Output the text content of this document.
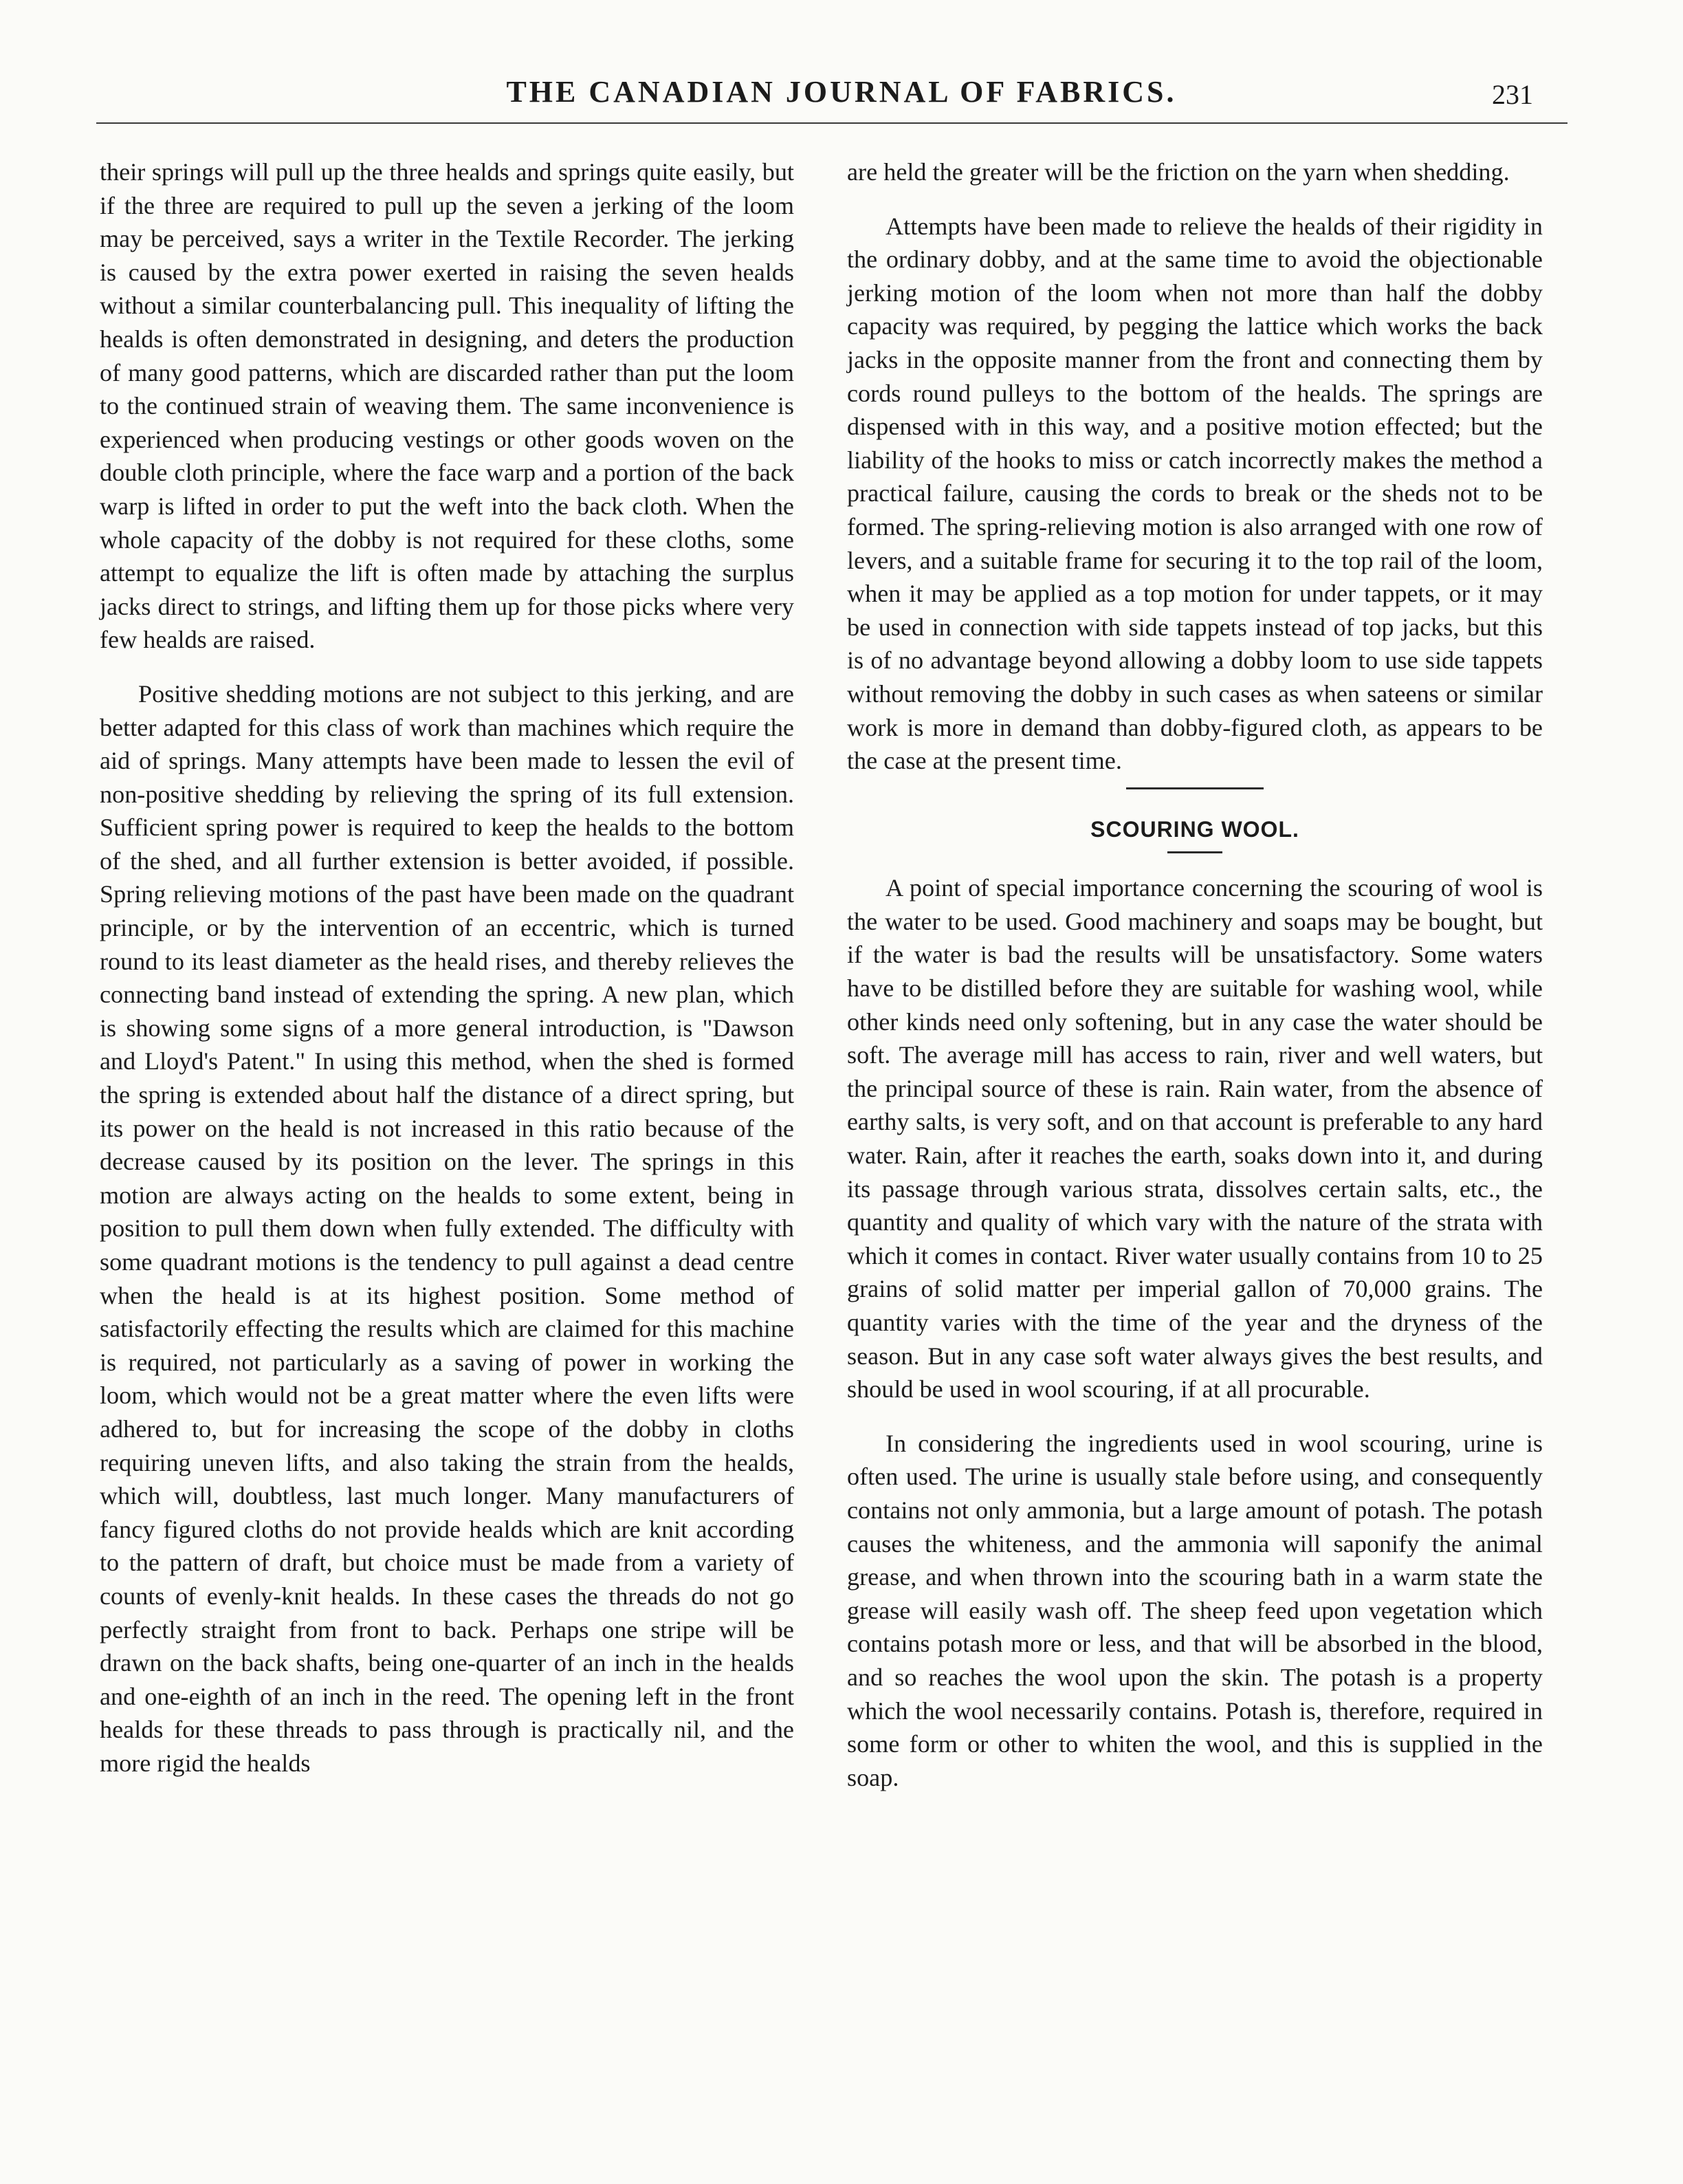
THE CANADIAN JOURNAL OF FABRICS.	231

their springs will pull up the three healds and springs quite easily, but if the three are required to pull up the seven a jerking of the loom may be perceived, says a writer in the Textile Recorder. The jerking is caused by the extra power exerted in raising the seven healds without a similar counterbalancing pull. This inequality of lifting the healds is often demonstrated in designing, and deters the production of many good patterns, which are discarded rather than put the loom to the continued strain of weaving them. The same inconvenience is experienced when producing vestings or other goods woven on the double cloth principle, where the face warp and a portion of the back warp is lifted in order to put the weft into the back cloth. When the whole capacity of the dobby is not required for these cloths, some attempt to equalize the lift is often made by attaching the surplus jacks direct to strings, and lifting them up for those picks where very few healds are raised.

Positive shedding motions are not subject to this jerking, and are better adapted for this class of work than machines which require the aid of springs. Many attempts have been made to lessen the evil of non-positive shedding by relieving the spring of its full extension. Sufficient spring power is required to keep the healds to the bottom of the shed, and all further extension is better avoided, if possible. Spring relieving motions of the past have been made on the quadrant principle, or by the intervention of an eccentric, which is turned round to its least diameter as the heald rises, and thereby relieves the connecting band instead of extending the spring. A new plan, which is showing some signs of a more general introduction, is "Dawson and Lloyd's Patent." In using this method, when the shed is formed the spring is extended about half the distance of a direct spring, but its power on the heald is not increased in this ratio because of the decrease caused by its position on the lever. The springs in this motion are always acting on the healds to some extent, being in position to pull them down when fully extended. The difficulty with some quadrant motions is the tendency to pull against a dead centre when the heald is at its highest position. Some method of satisfactorily effecting the results which are claimed for this machine is required, not particularly as a saving of power in working the loom, which would not be a great matter where the even lifts were adhered to, but for increasing the scope of the dobby in cloths requiring uneven lifts, and also taking the strain from the healds, which will, doubtless, last much longer. Many manufacturers of fancy figured cloths do not provide healds which are knit according to the pattern of draft, but choice must be made from a variety of counts of evenly-knit healds. In these cases the threads do not go perfectly straight from front to back. Perhaps one stripe will be drawn on the back shafts, being one-quarter of an inch in the healds and one-eighth of an inch in the reed. The opening left in the front healds for these threads to pass through is practically nil, and the more rigid the healds

are held the greater will be the friction on the yarn when shedding.

Attempts have been made to relieve the healds of their rigidity in the ordinary dobby, and at the same time to avoid the objectionable jerking motion of the loom when not more than half the dobby capacity was required, by pegging the lattice which works the back jacks in the opposite manner from the front and connecting them by cords round pulleys to the bottom of the healds. The springs are dispensed with in this way, and a positive motion effected; but the liability of the hooks to miss or catch incorrectly makes the method a practical failure, causing the cords to break or the sheds not to be formed. The spring-relieving motion is also arranged with one row of levers, and a suitable frame for securing it to the top rail of the loom, when it may be applied as a top motion for under tappets, or it may be used in connection with side tappets instead of top jacks, but this is of no advantage beyond allowing a dobby loom to use side tappets without removing the dobby in such cases as when sateens or similar work is more in demand than dobby-figured cloth, as appears to be the case at the present time.

SCOURING WOOL.

A point of special importance concerning the scouring of wool is the water to be used. Good machinery and soaps may be bought, but if the water is bad the results will be unsatisfactory. Some waters have to be distilled before they are suitable for washing wool, while other kinds need only softening, but in any case the water should be soft. The average mill has access to rain, river and well waters, but the principal source of these is rain. Rain water, from the absence of earthy salts, is very soft, and on that account is preferable to any hard water. Rain, after it reaches the earth, soaks down into it, and during its passage through various strata, dissolves certain salts, etc., the quantity and quality of which vary with the nature of the strata with which it comes in contact. River water usually contains from 10 to 25 grains of solid matter per imperial gallon of 70,000 grains. The quantity varies with the time of the year and the dryness of the season. But in any case soft water always gives the best results, and should be used in wool scouring, if at all procurable.

In considering the ingredients used in wool scouring, urine is often used. The urine is usually stale before using, and consequently contains not only ammonia, but a large amount of potash. The potash causes the whiteness, and the ammonia will saponify the animal grease, and when thrown into the scouring bath in a warm state the grease will easily wash off. The sheep feed upon vegetation which contains potash more or less, and that will be absorbed in the blood, and so reaches the wool upon the skin. The potash is a property which the wool necessarily contains. Potash is, therefore, required in some form or other to whiten the wool, and this is supplied in the soap.
